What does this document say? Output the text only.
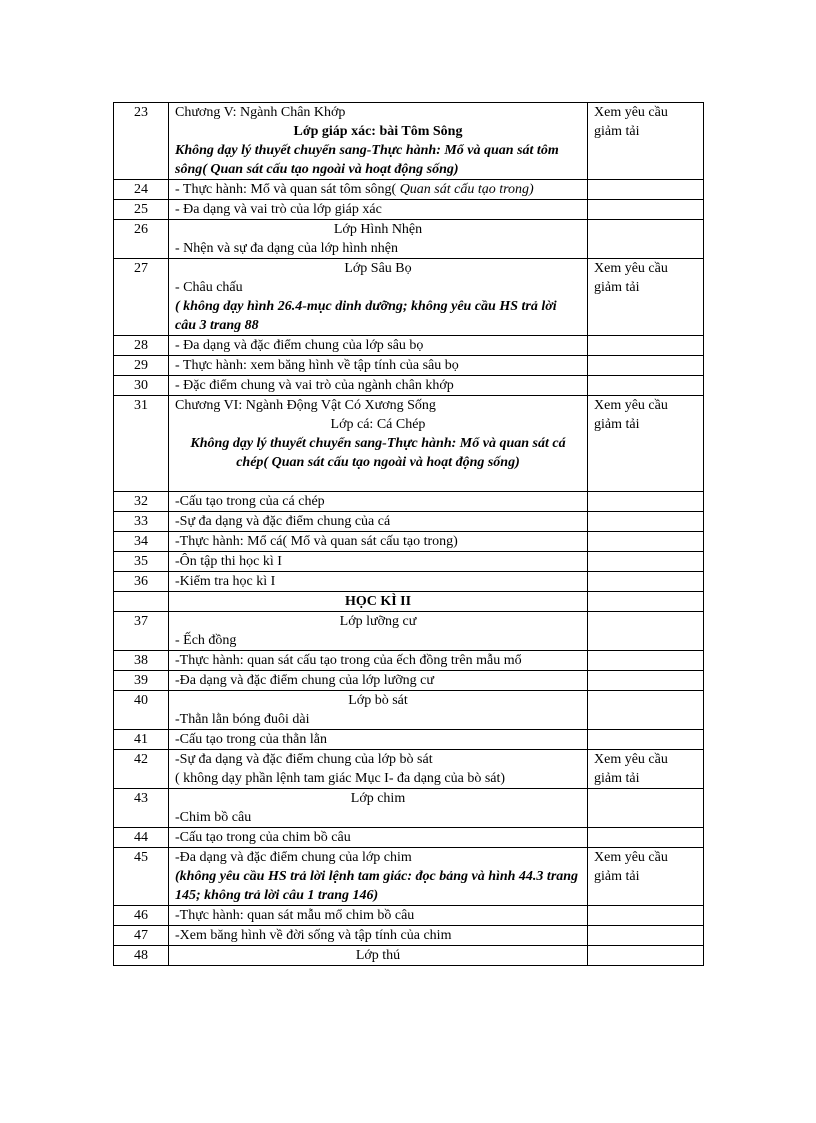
23	Chương V: Ngành Chân Khớp
Lớp giáp xác: bài Tôm Sông
Không dạy lý thuyết chuyển sang-Thực hành: Mổ và quan sát tôm sông( Quan sát cấu tạo ngoài và hoạt động sống)	Xem yêu cầu giảm tải
24	- Thực hành: Mổ và quan sát tôm sông( Quan sát cấu tạo trong)	
25	- Đa dạng và vai trò của lớp giáp xác	
26	Lớp Hình Nhện
- Nhện và sự đa dạng của lớp hình nhện	

27	Lớp Sâu Bọ
- Châu chấu
( không dạy hình 26.4-mục dinh dưỡng; không yêu cầu HS trả lời câu 3 trang 88	Xem yêu cầu giảm tải
28	- Đa dạng và đặc điểm chung của lớp sâu bọ	
29	- Thực hành: xem băng hình về tập tính của sâu bọ	
30	- Đặc điểm chung và vai trò của ngành chân khớp	
31	Chương VI: Ngành Động Vật Có Xương Sống
Lớp cá: Cá Chép
Không dạy lý thuyết chuyển sang-Thực hành: Mổ và quan sát cá chép( Quan sát cấu tạo ngoài và hoạt động sống)	Xem yêu cầu giảm tải
32	-Cấu tạo trong của cá chép	
33	-Sự đa dạng và đặc điểm chung của cá	
34	-Thực hành: Mổ cá( Mổ và quan sát cấu tạo trong)	
35	-Ôn tập thi học kì I	
36	-Kiểm tra học kì I	
	HỌC KÌ II	
37	Lớp lưỡng cư
- Ếch đồng	

38	-Thực hành: quan sát cấu tạo trong của ếch đồng trên mẫu mổ	
39	-Đa dạng và đặc điểm chung của lớp lưỡng cư	
40	Lớp bò sát
-Thằn lằn bóng đuôi dài	

41	-Cấu tạo trong của thằn lằn	
42	-Sự đa dạng và đặc điểm chung của lớp bò sát
( không dạy phần lệnh tam giác Mục I- đa dạng của bò sát)	Xem yêu cầu giảm tải
43	Lớp chim
-Chim bồ câu	

44	-Cấu tạo trong của chim bồ câu	
45	-Đa dạng và đặc điểm chung của lớp chim
(không yêu cầu HS trả lời lệnh tam giác: đọc bảng và hình 44.3 trang 145; không trả lời câu 1 trang 146)	Xem yêu cầu giảm tải
46	-Thực hành: quan sát mẫu mổ chim bồ câu	
47	-Xem băng hình về đời sống và tập tính của chim	
48	Lớp thú	
